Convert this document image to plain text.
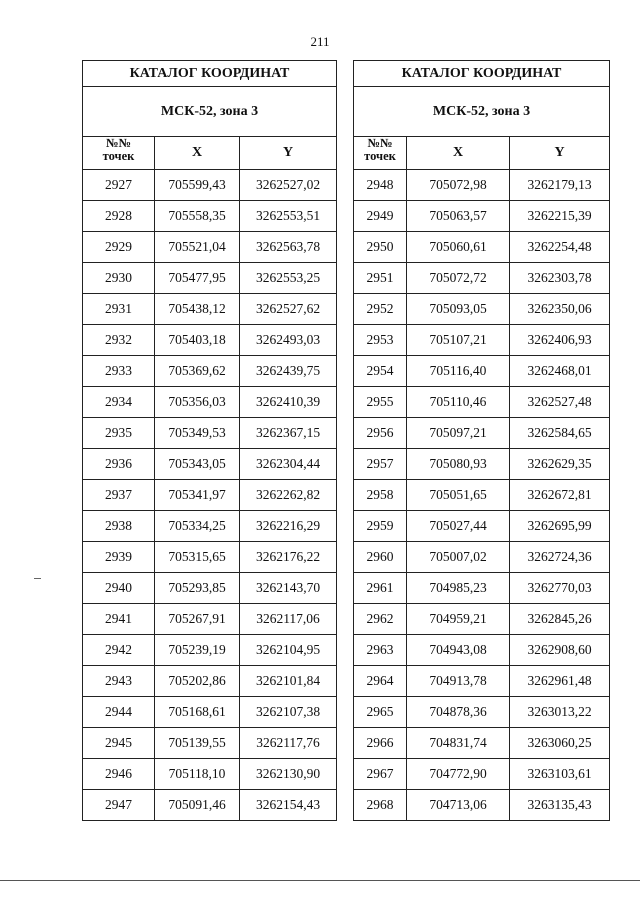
211
КАТАЛОГ КООРДИНАТ		
МСК-52, зона 3		
№№
точек	X	Y
2927	705599,43	3262527,02
2928	705558,35	3262553,51
2929	705521,04	3262563,78
2930	705477,95	3262553,25
2931	705438,12	3262527,62
2932	705403,18	3262493,03
2933	705369,62	3262439,75
2934	705356,03	3262410,39
2935	705349,53	3262367,15
2936	705343,05	3262304,44
2937	705341,97	3262262,82
2938	705334,25	3262216,29
2939	705315,65	3262176,22
2940	705293,85	3262143,70
2941	705267,91	3262117,06
2942	705239,19	3262104,95
2943	705202,86	3262101,84
2944	705168,61	3262107,38
2945	705139,55	3262117,76
2946	705118,10	3262130,90
2947	705091,46	3262154,43
КАТАЛОГ КООРДИНАТ		
МСК-52, зона 3		
№№
точек	X	Y
2948	705072,98	3262179,13
2949	705063,57	3262215,39
2950	705060,61	3262254,48
2951	705072,72	3262303,78
2952	705093,05	3262350,06
2953	705107,21	3262406,93
2954	705116,40	3262468,01
2955	705110,46	3262527,48
2956	705097,21	3262584,65
2957	705080,93	3262629,35
2958	705051,65	3262672,81
2959	705027,44	3262695,99
2960	705007,02	3262724,36
2961	704985,23	3262770,03
2962	704959,21	3262845,26
2963	704943,08	3262908,60
2964	704913,78	3262961,48
2965	704878,36	3263013,22
2966	704831,74	3263060,25
2967	704772,90	3263103,61
2968	704713,06	3263135,43
